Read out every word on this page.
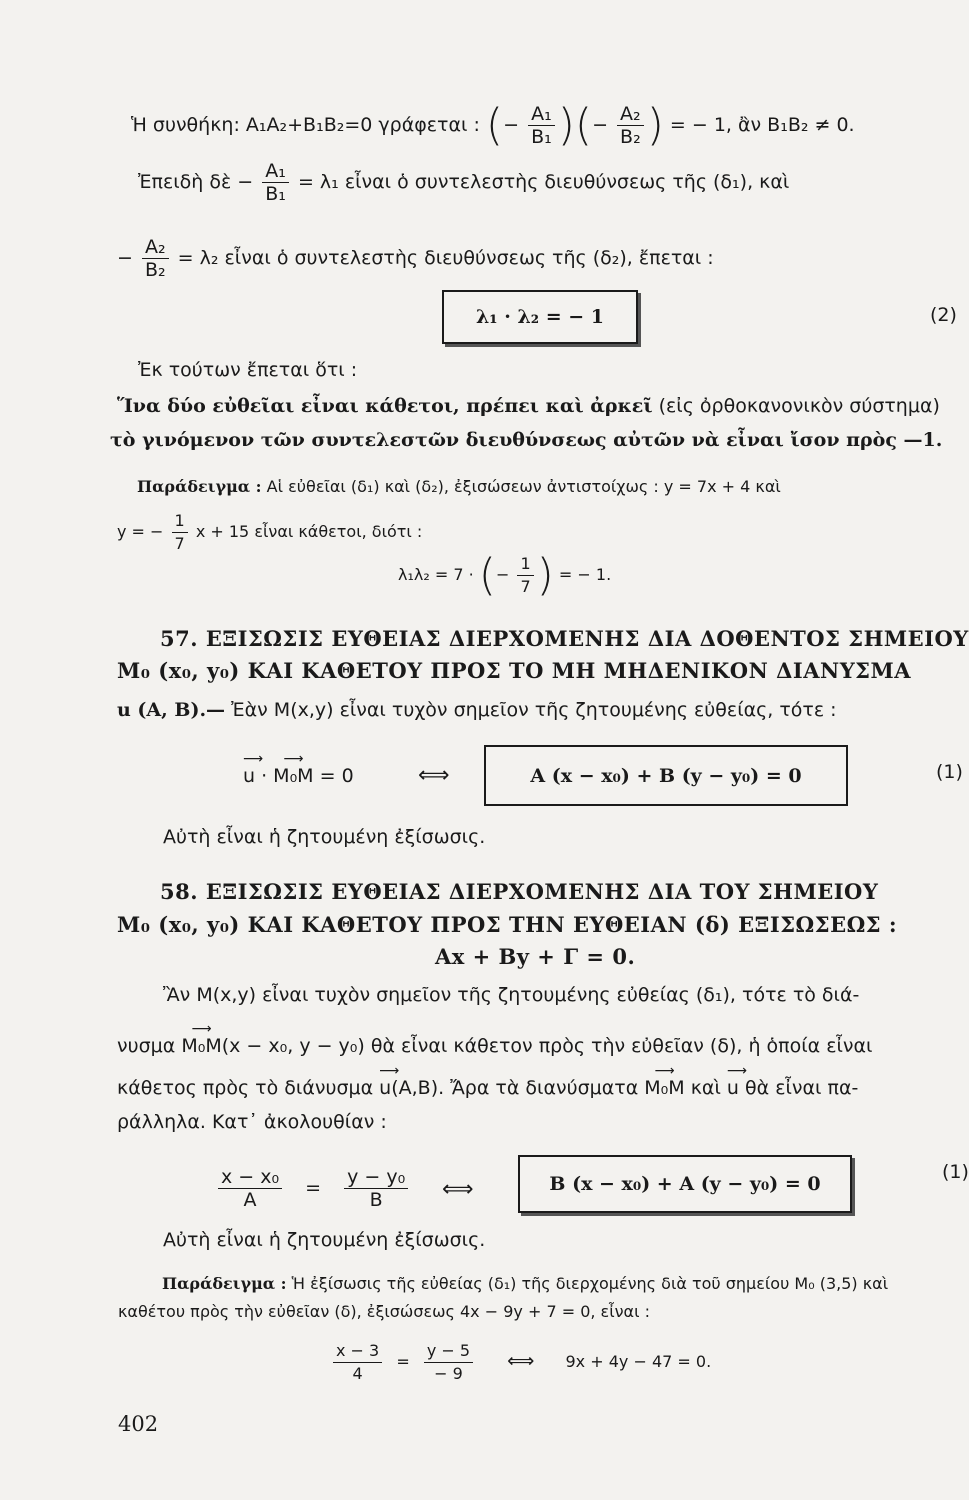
Ἡ συνθήκη: A₁A₂+B₁B₂=0 γράφεται : (− $\frac{\text{A₁}}{\text{B₁}}$ )(− $\frac{\text{A₂}}{\text{B₂}}$ ) = − 1, ἂν B₁B₂ ≠ 0.
Ἐπειδὴ δὲ − $\frac{\text{A₁}}{\text{B₁}} = \lambda_1$ εἶναι ὁ συντελεστὴς διευθύνσεως τῆς (δ₁), καὶ
− $\frac{\text{A₂}}{\text{B₂}} = \lambda_2$ εἶναι ὁ συντελεστὴς διευθύνσεως τῆς (δ₂), ἔπεται :
λ₁ · λ₂ = − 1	(2)
Ἐκ τούτων ἔπεται ὅτι :
Ἵνα δύο εὐθεῖαι εἶναι κάθετοι, πρέπει καὶ ἀρκεῖ (εἰς ὀρθοκανονικὸν σύστημα)
τὸ γινόμενον τῶν συντελεστῶν διευθύνσεως αὐτῶν νὰ εἶναι ἴσον πρὸς —1.
Παράδειγμα : Αἱ εὐθεῖαι (δ₁) καὶ (δ₂), ἐξισώσεων ἀντιστοίχως : y = 7x + 4 καὶ
y = − $\frac{1}{7}$ x + 15 εἶναι κάθετοι, διότι :
λ₁λ₂ = 7 · (− $\frac{1}{7}$ ) = − 1.
57. ΕΞΙΣΩΣΙΣ ΕΥΘΕΙΑΣ ΔΙΕΡΧΟΜΕΝΗΣ ΔΙΑ ΔΟΘΕΝΤΟΣ ΣΗΜΕΙΟΥ
M₀ (x₀, y₀) ΚΑΙ ΚΑΘΕΤΟΥ ΠΡΟΣ ΤΟ ΜΗ ΜΗΔΕΝΙΚΟΝ ΔΙΑΝΥΣΜΑ
u (A, B).— Ἐὰν M(x,y) εἶναι τυχὸν σημεῖον τῆς ζητουμένης εὐθείας, τότε :
⟶ u · ⟶ M₀M = 0	⟺	A (x − x₀) + B (y − y₀) = 0	(1)
Αὐτὴ εἶναι ἡ ζητουμένη ἐξίσωσις.
58. ΕΞΙΣΩΣΙΣ ΕΥΘΕΙΑΣ ΔΙΕΡΧΟΜΕΝΗΣ ΔΙΑ ΤΟΥ ΣΗΜΕΙΟΥ
M₀ (x₀, y₀) ΚΑΙ ΚΑΘΕΤΟΥ ΠΡΟΣ ΤΗΝ ΕΥΘΕΙΑΝ (δ) ΕΞΙΣΩΣΕΩΣ :
Ax + By + Γ = 0.
Ἂν M(x,y) εἶναι τυχὸν σημεῖον τῆς ζητουμένης εὐθείας (δ₁), τότε τὸ διά-
νυσμα ⟶ M₀M(x − x₀, y − y₀) θὰ εἶναι κάθετον πρὸς τὴν εὐθεῖαν (δ), ἡ ὁποία εἶναι
κάθετος πρὸς τὸ διάνυσμα ⟶ u(A,B). Ἄρα τὰ διανύσματα ⟶ M₀M καὶ ⟶ u θὰ εἶναι πα-
ράλληλα. Κατ᾽ ἀκολουθίαν :
$\frac{\text{x − x₀}}{A} = \frac{\text{y − y₀}}{B}$ ⟺	B (x − x₀) + A (y − y₀) = 0
(1)
Αὐτὴ εἶναι ἡ ζητουμένη ἐξίσωσις.
Παράδειγμα : Ἡ ἐξίσωσις τῆς εὐθείας (δ₁) τῆς διερχομένης διὰ τοῦ σημείου M₀ (3,5) καὶ
καθέτου πρὸς τὴν εὐθεῖαν (δ), ἐξισώσεως 4x − 9y + 7 = 0, εἶναι :
$\frac{x - 3}{4} = \frac{y - 5}{- 9}$ ⟺ 9x + 4y − 47 = 0.
402
